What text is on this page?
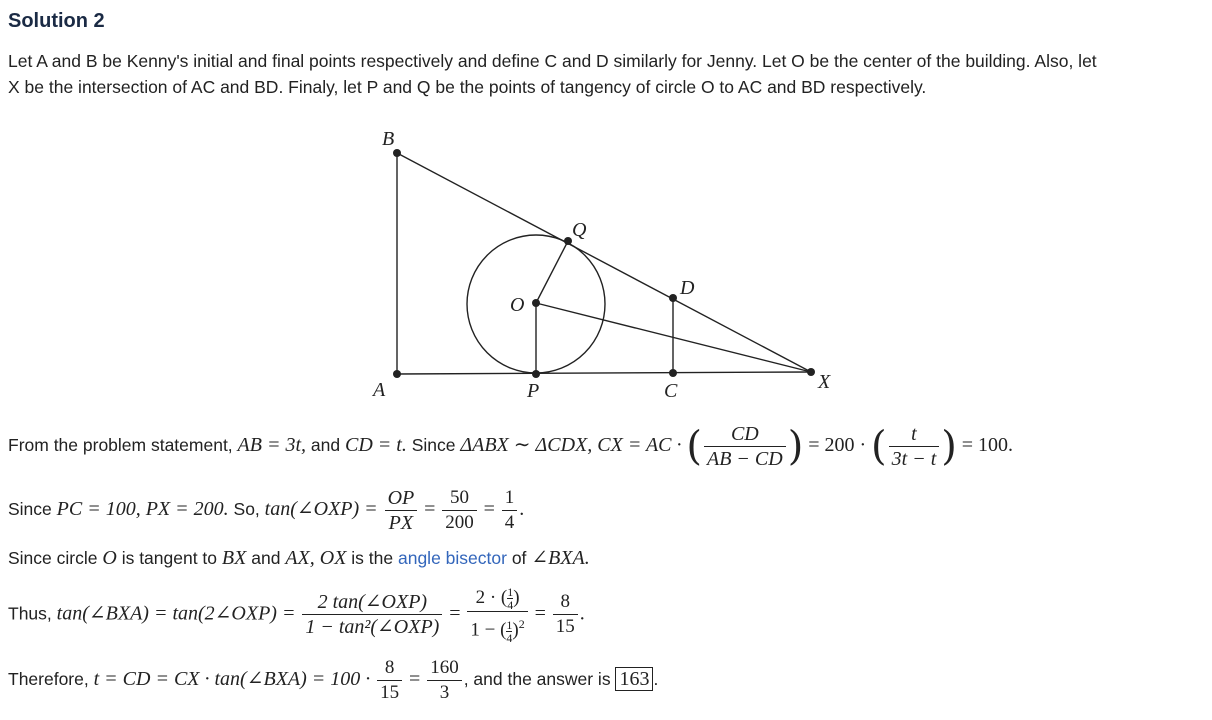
Solution 2
Let A and B be Kenny's initial and final points respectively and define C and D similarly for Jenny. Let O be the center of the building. Also, let
X be the intersection of AC and BD. Finaly, let P and Q be the points of tangency of circle O to AC and BD respectively.
B
Q
D
O
A	P	C	X
From the problem statement, AB = 3t, and CD = t. Since ΔABX ∼ ΔCDX, CX = AC · ( $\frac{CD}{AB - CD}$ ) = 200 · ( $\frac{t}{3t - t}$ ) = 100.
Since PC = 100, PX = 200. So, tan(∠OXP) = $\frac{OP}{PX} = \frac{50}{200} = \frac{1}{4}$ .
Since circle O is tangent to BX and AX, OX is the angle bisector of ∠BXA.
Thus, tan(∠BXA) = tan(2∠OXP) = $\frac{\text{2 tan(∠OXP)}}{\text{1 − tan²(∠OXP)}} = \frac{2 \cdot ( \frac{1}{4} )}{1 - ( \frac{1}{4} )^2} = \frac{8}{15}$ .
Therefore, t = CD = CX · tan(∠BXA) = $100 \cdot \frac{8}{15} = \frac{160}{3}$ , and the answer is 163 .
